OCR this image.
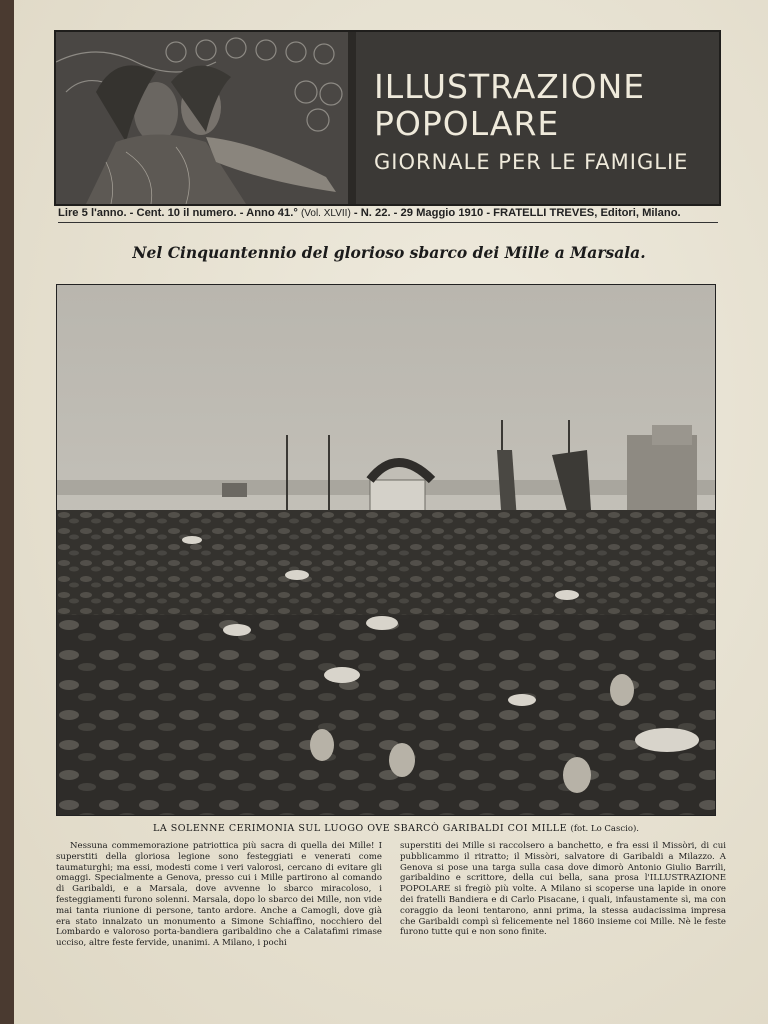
ILLUSTRAZIONE
POPOLARE
GIORNALE PER LE FAMIGLIE
Lire 5 l'anno. - Cent. 10 il numero. - Anno 41.° (Vol. XLVII) - N. 22. - 29 Maggio 1910 - FRATELLI TREVES, Editori, Milano.
Nel Cinquantennio del glorioso sbarco dei Mille a Marsala.
LA SOLENNE CERIMONIA SUL LUOGO OVE SBARCÒ GARIBALDI COI MILLE (fot. Lo Cascio).

Nessuna commemorazione patriottica più sacra di quella dei Mille! I superstiti della gloriosa legione sono festeggiati e venerati come taumaturghi; ma essi, modesti come i veri valorosi, cercano di evitare gli omaggi. Specialmente a Genova, presso cui i Mille partirono al comando di Garibaldi, e a Marsala, dove avvenne lo sbarco miracoloso, i festeggiamenti furono solenni. Marsala, dopo lo sbarco dei Mille, non vide mai tanta riunione di persone, tanto ardore. Anche a Camogli, dove già era stato innalzato un monumento a Simone Schiaffino, nocchiero del Lombardo e valoroso porta-bandiera garibaldino che a Calatafimi rimase ucciso, altre feste fervide, unanimi. A Milano, i pochi

superstiti dei Mille si raccolsero a banchetto, e fra essi il Missòri, di cui pubblicammo il ritratto; il Missòri, salvatore di Garibaldi a Milazzo. A Genova si pose una targa sulla casa dove dimorò Antonio Giulio Barrili, garibaldino e scrittore, della cui bella, sana prosa l'ILLUSTRAZIONE POPOLARE si fregiò più volte. A Milano si scoperse una lapide in onore dei fratelli Bandiera e di Carlo Pisacane, i quali, infaustamente sì, ma con coraggio da leoni tentarono, anni prima, la stessa audacissima impresa che Garibaldi compì sì felicemente nel 1860 insieme coi Mille. Nè le feste furono tutte qui e non sono finite.
